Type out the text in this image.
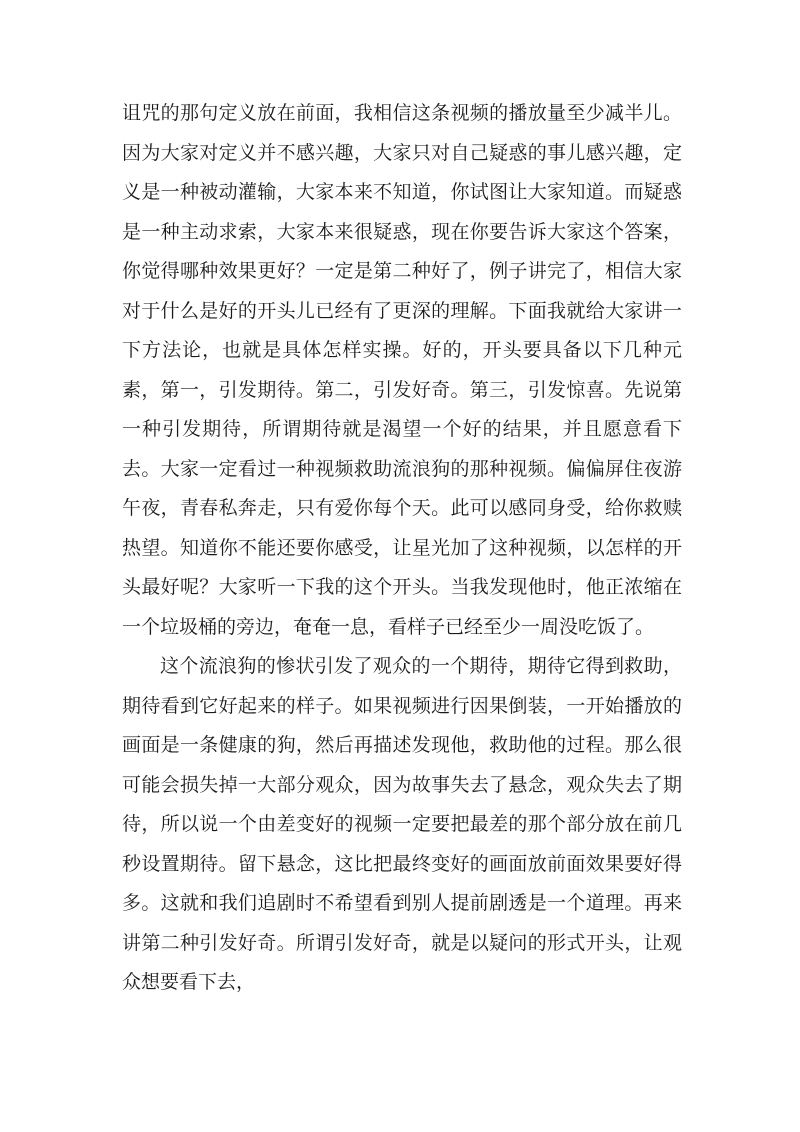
诅咒的那句定义放在前面，我相信这条视频的播放量至少减半儿。因为大家对定义并不感兴趣，大家只对自己疑惑的事儿感兴趣，定义是一种被动灌输，大家本来不知道，你试图让大家知道。而疑惑是一种主动求索，大家本来很疑惑，现在你要告诉大家这个答案，你觉得哪种效果更好？一定是第二种好了，例子讲完了，相信大家对于什么是好的开头儿已经有了更深的理解。下面我就给大家讲一下方法论，也就是具体怎样实操。好的，开头要具备以下几种元素，第一，引发期待。第二，引发好奇。第三，引发惊喜。先说第一种引发期待，所谓期待就是渴望一个好的结果，并且愿意看下去。大家一定看过一种视频救助流浪狗的那种视频。偏偏屏住夜游午夜，青春私奔走，只有爱你每个天。此可以感同身受，给你救赎热望。知道你不能还要你感受，让星光加了这种视频，以怎样的开头最好呢？大家听一下我的这个开头。当我发现他时，他正浓缩在一个垃圾桶的旁边，奄奄一息，看样子已经至少一周没吃饭了。

这个流浪狗的惨状引发了观众的一个期待，期待它得到救助，期待看到它好起来的样子。如果视频进行因果倒装，一开始播放的画面是一条健康的狗，然后再描述发现他，救助他的过程。那么很可能会损失掉一大部分观众，因为故事失去了悬念，观众失去了期待，所以说一个由差变好的视频一定要把最差的那个部分放在前几秒设置期待。留下悬念，这比把最终变好的画面放前面效果要好得多。这就和我们追剧时不希望看到别人提前剧透是一个道理。再来讲第二种引发好奇。所谓引发好奇，就是以疑问的形式开头，让观众想要看下去，
